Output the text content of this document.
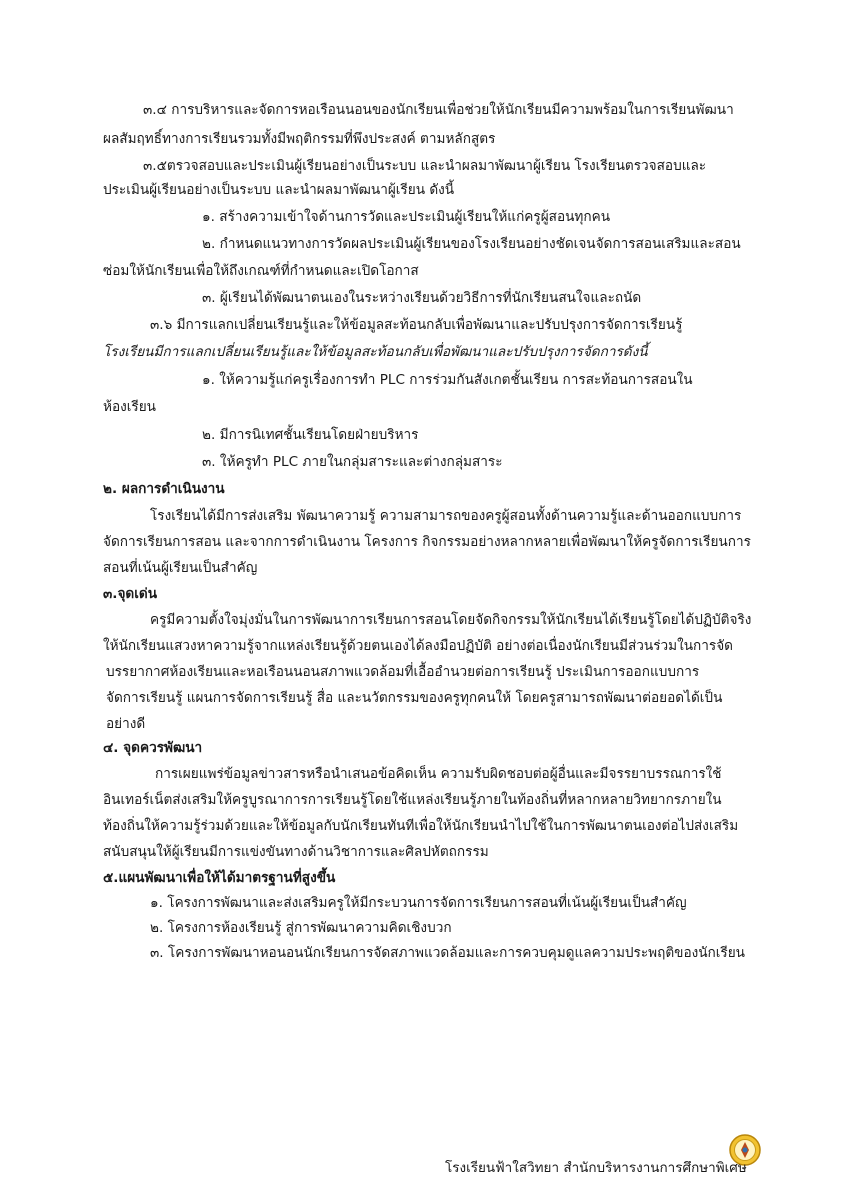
๓.๔ การบริหารและจัดการหอเรือนนอนของนักเรียนเพื่อช่วยให้นักเรียนมีความพร้อมในการเรียนพัฒนา
ผลสัมฤทธิ์ทางการเรียนรวมทั้งมีพฤติกรรมที่พึงประสงค์ ตามหลักสูตร
๓.๕ตรวจสอบและประเมินผู้เรียนอย่างเป็นระบบ และนำผลมาพัฒนาผู้เรียน โรงเรียนตรวจสอบและ
ประเมินผู้เรียนอย่างเป็นระบบ และนำผลมาพัฒนาผู้เรียน ดังนี้
๑. สร้างความเข้าใจด้านการวัดและประเมินผู้เรียนให้แก่ครูผู้สอนทุกคน
๒. กำหนดแนวทางการวัดผลประเมินผู้เรียนของโรงเรียนอย่างชัดเจนจัดการสอนเสริมและสอน
ซ่อมให้นักเรียนเพื่อให้ถึงเกณฑ์ที่กำหนดและเปิดโอกาส
๓. ผู้เรียนได้พัฒนาตนเองในระหว่างเรียนด้วยวิธีการที่นักเรียนสนใจและถนัด
๓.๖ มีการแลกเปลี่ยนเรียนรู้และให้ข้อมูลสะท้อนกลับเพื่อพัฒนาและปรับปรุงการจัดการเรียนรู้
โรงเรียนมีการแลกเปลี่ยนเรียนรู้และให้ข้อมูลสะท้อนกลับเพื่อพัฒนาและปรับปรุงการจัดการดังนี้
๑. ให้ความรู้แก่ครูเรื่องการทำ PLC การร่วมกันสังเกตชั้นเรียน การสะท้อนการสอนใน
ห้องเรียน
๒. มีการนิเทศชั้นเรียนโดยฝ่ายบริหาร
๓. ให้ครูทำ PLC ภายในกลุ่มสาระและต่างกลุ่มสาระ
๒. ผลการดำเนินงาน
โรงเรียนได้มีการส่งเสริม พัฒนาความรู้ ความสามารถของครูผู้สอนทั้งด้านความรู้และด้านออกแบบการ
จัดการเรียนการสอน และจากการดำเนินงาน โครงการ กิจกรรมอย่างหลากหลายเพื่อพัฒนาให้ครูจัดการเรียนการ
สอนที่เน้นผู้เรียนเป็นสำคัญ
๓.จุดเด่น
ครูมีความตั้งใจมุ่งมั่นในการพัฒนาการเรียนการสอนโดยจัดกิจกรรมให้นักเรียนได้เรียนรู้โดยได้ปฏิบัติจริง
ให้นักเรียนแสวงหาความรู้จากแหล่งเรียนรู้ด้วยตนเองได้ลงมือปฏิบัติ อย่างต่อเนื่องนักเรียนมีส่วนร่วมในการจัด
บรรยากาศห้องเรียนและหอเรือนนอนสภาพแวดล้อมที่เอื้ออำนวยต่อการเรียนรู้ ประเมินการออกแบบการ
จัดการเรียนรู้ แผนการจัดการเรียนรู้ สื่อ และนวัตกรรมของครูทุกคนให้ โดยครูสามารถพัฒนาต่อยอดได้เป็น
อย่างดี
๔. จุดควรพัฒนา
การเผยแพร่ข้อมูลข่าวสารหรือนำเสนอข้อคิดเห็น ความรับผิดชอบต่อผู้อื่นและมีจรรยาบรรณการใช้
อินเทอร์เน็ตส่งเสริมให้ครูบูรณาการการเรียนรู้โดยใช้แหล่งเรียนรู้ภายในท้องถิ่นที่หลากหลายวิทยากรภายใน
ท้องถิ่นให้ความรู้ร่วมด้วยและให้ข้อมูลกับนักเรียนทันทีเพื่อให้นักเรียนนำไปใช้ในการพัฒนาตนเองต่อไปส่งเสริม
สนับสนุนให้ผู้เรียนมีการแข่งขันทางด้านวิชาการและศิลปหัตถกรรม
๕.แผนพัฒนาเพื่อให้ได้มาตรฐานที่สูงขึ้น
๑. โครงการพัฒนาและส่งเสริมครูให้มีกระบวนการจัดการเรียนการสอนที่เน้นผู้เรียนเป็นสำคัญ
๒. โครงการห้องเรียนรู้ สู่การพัฒนาความคิดเชิงบวก
๓. โครงการพัฒนาหอนอนนักเรียนการจัดสภาพแวดล้อมและการควบคุมดูแลความประพฤติของนักเรียน
โรงเรียนฟ้าใสวิทยา สำนักบริหารงานการศึกษาพิเศษ
